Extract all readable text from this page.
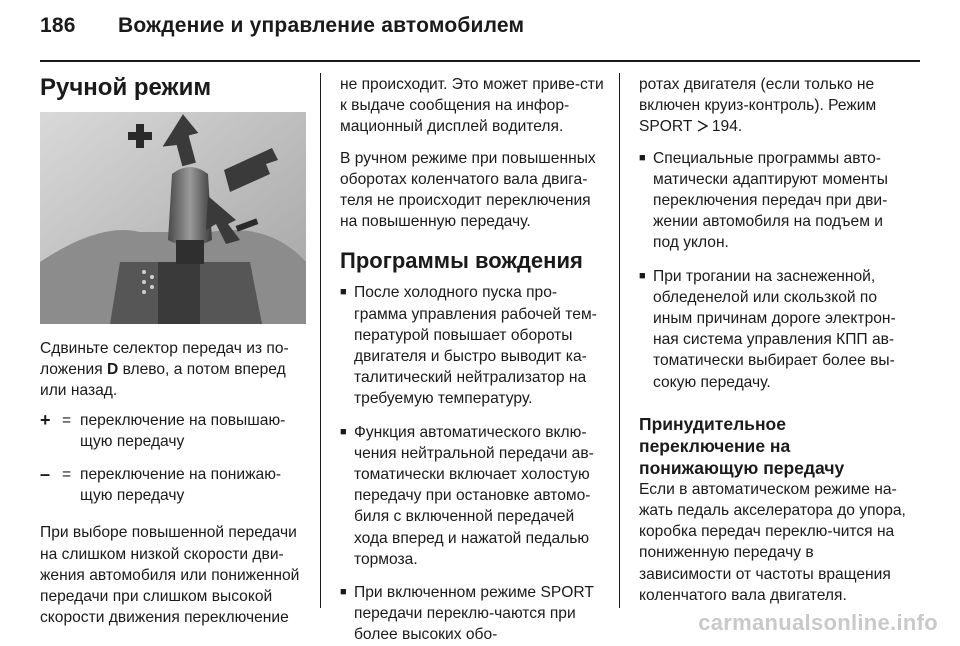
186 Вождение и управление автомобилем
Ручной режим

Сдвиньте селектор передач из по-ложения D влево, а потом вперед или назад.

+ = переключение на повышаю-щую передачу
– = переключение на понижаю-щую передачу

При выборе повышенной передачи на слишком низкой скорости дви-жения автомобиля или пониженной передачи при слишком высокой скорости движения переключение

не происходит. Это может приве-сти к выдаче сообщения на инфор-мационный дисплей водителя.

В ручном режиме при повышенных оборотах коленчатого вала двига-теля не происходит переключения на повышенную передачу.

Программы вождения
■ После холодного пуска про-грамма управления рабочей тем-пературой повышает обороты двигателя и быстро выводит ка-талитический нейтрализатор на требуемую температуру.
■ Функция автоматического вклю-чения нейтральной передачи ав-томатически включает холостую передачу при остановке автомо-биля с включенной передачей хода вперед и нажатой педалью тормоза.
■ При включенном режиме SPORT передачи переклю-чаются при более высоких обо-

ротах двигателя (если только не включен круиз-контроль). Режим SPORT  194.

■ Специальные программы авто-матически адаптируют моменты переключения передач при дви-жении автомобиля на подъем и под уклон.
■ При трогании на заснеженной, обледенелой или скользкой по иным причинам дороге электрон-ная система управления КПП ав-томатически выбирает более вы-сокую передачу.
Принудительное переключение на понижающую передачу

Если в автоматическом режиме на-жать педаль акселератора до упора, коробка передач переклю-чится на пониженную передачу в зависимости от частоты вращения коленчатого вала двигателя.

carmanualsonline.info
